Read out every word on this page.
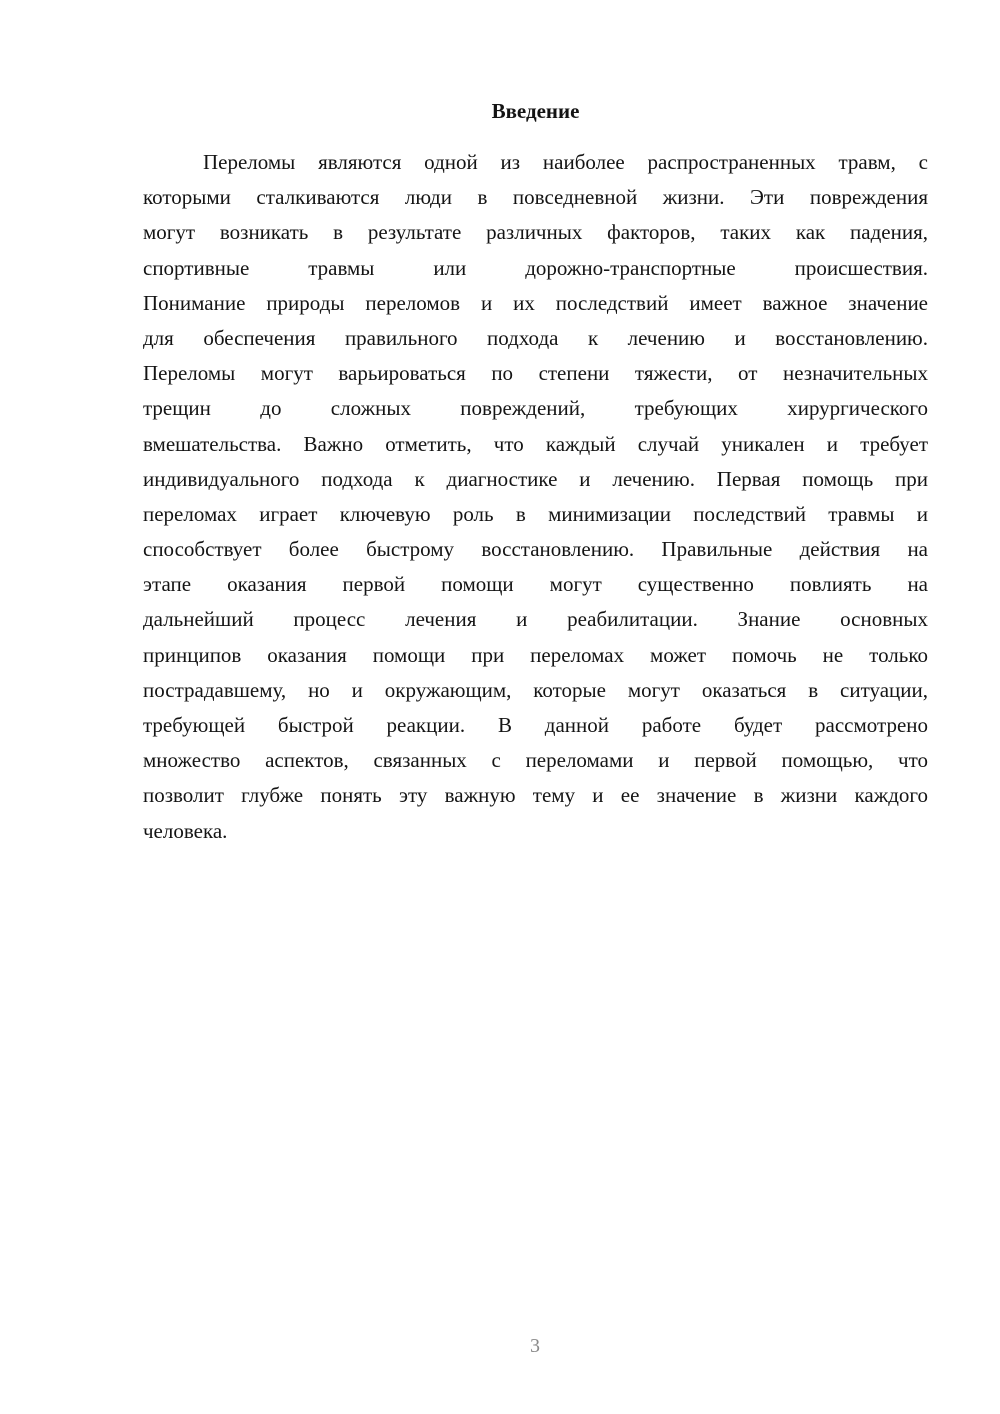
Введение
Переломы являются одной из наиболее распространенных травм, с
которыми сталкиваются люди в повседневной жизни. Эти повреждения
могут возникать в результате различных факторов, таких как падения,
спортивные травмы или дорожно-транспортные происшествия.
Понимание природы переломов и их последствий имеет важное значение
для обеспечения правильного подхода к лечению и восстановлению.
Переломы могут варьироваться по степени тяжести, от незначительных
трещин до сложных повреждений, требующих хирургического
вмешательства. Важно отметить, что каждый случай уникален и требует
индивидуального подхода к диагностике и лечению. Первая помощь при
переломах играет ключевую роль в минимизации последствий травмы и
способствует более быстрому восстановлению. Правильные действия на
этапе оказания первой помощи могут существенно повлиять на
дальнейший процесс лечения и реабилитации. Знание основных
принципов оказания помощи при переломах может помочь не только
пострадавшему, но и окружающим, которые могут оказаться в ситуации,
требующей быстрой реакции. В данной работе будет рассмотрено
множество аспектов, связанных с переломами и первой помощью, что
позволит глубже понять эту важную тему и ее значение в жизни каждого
человека.
3
